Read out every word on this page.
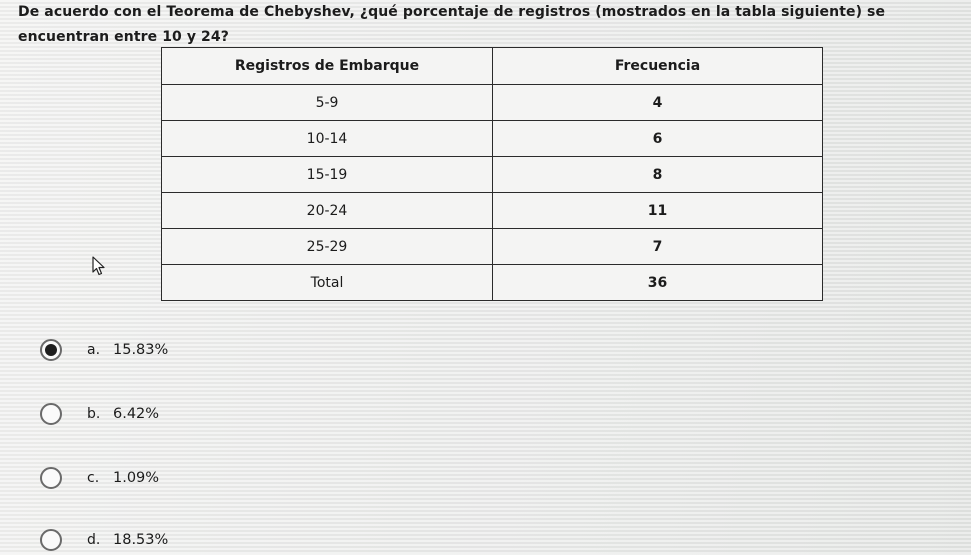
De acuerdo con el Teorema de Chebyshev, ¿qué porcentaje de registros (mostrados en la tabla siguiente) se encuentran entre 10 y 24?
Registros de Embarque	Frecuencia
5-9	4
10-14	6
15-19	8
20-24	11
25-29	7
Total	36
a. 15.83%
b. 6.42%
c. 1.09%
d. 18.53%
